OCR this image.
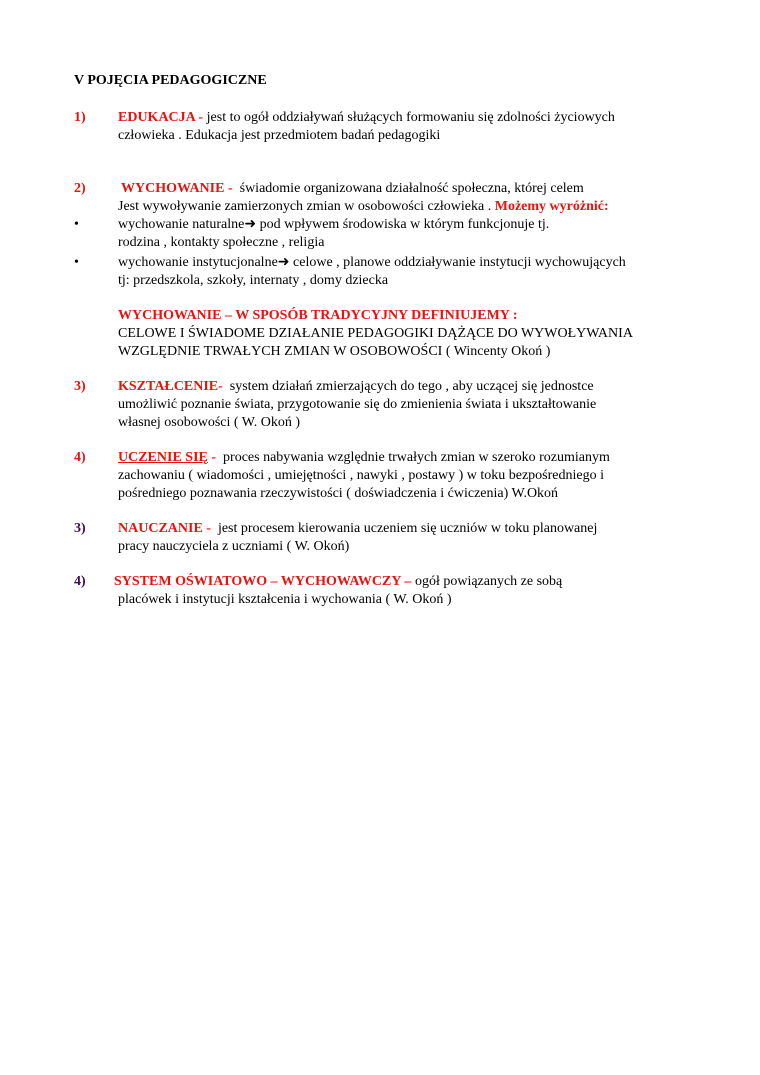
V POJĘCIA PEDAGOGICZNE
1) EDUKACJA - jest to ogół oddziaływań służących formowaniu się zdolności życiowych
człowieka . Edukacja jest przedmiotem badań pedagogiki
2)	WYCHOWANIE - świadomie organizowana działalność społeczna, której celem
Jest wywoływanie zamierzonych zmian w osobowości człowieka . Możemy wyróżnić:
•	wychowanie naturalne➜ pod wpływem środowiska w którym funkcjonuje tj.
rodzina , kontakty społeczne , religia
•	wychowanie instytucjonalne➜ celowe , planowe oddziaływanie instytucji wychowujących
tj: przedszkola, szkoły, internaty , domy dziecka
WYCHOWANIE – W SPOSÓB TRADYCYJNY DEFINIUJEMY :
CELOWE I ŚWIADOME DZIAŁANIE PEDAGOGIKI DĄŻĄCE DO WYWOŁYWANIA
WZGLĘDNIE TRWAŁYCH ZMIAN W OSOBOWOŚCI ( Wincenty Okoń )
3) KSZTAŁCENIE- system działań zmierzających do tego , aby uczącej się jednostce
umożliwić poznanie świata, przygotowanie się do zmienienia świata i ukształtowanie
własnej osobowości ( W. Okoń )
4) UCZENIE SIĘ - proces nabywania względnie trwałych zmian w szeroko rozumianym
zachowaniu ( wiadomości , umiejętności , nawyki , postawy ) w toku bezpośredniego i
pośredniego poznawania rzeczywistości ( doświadczenia i ćwiczenia) W.Okoń
3) NAUCZANIE - jest procesem kierowania uczeniem się uczniów w toku planowanej
pracy nauczyciela z uczniami ( W. Okoń)
4) SYSTEM OŚWIATOWO – WYCHOWAWCZY – ogół powiązanych ze sobą
placówek i instytucji kształcenia i wychowania ( W. Okoń )
